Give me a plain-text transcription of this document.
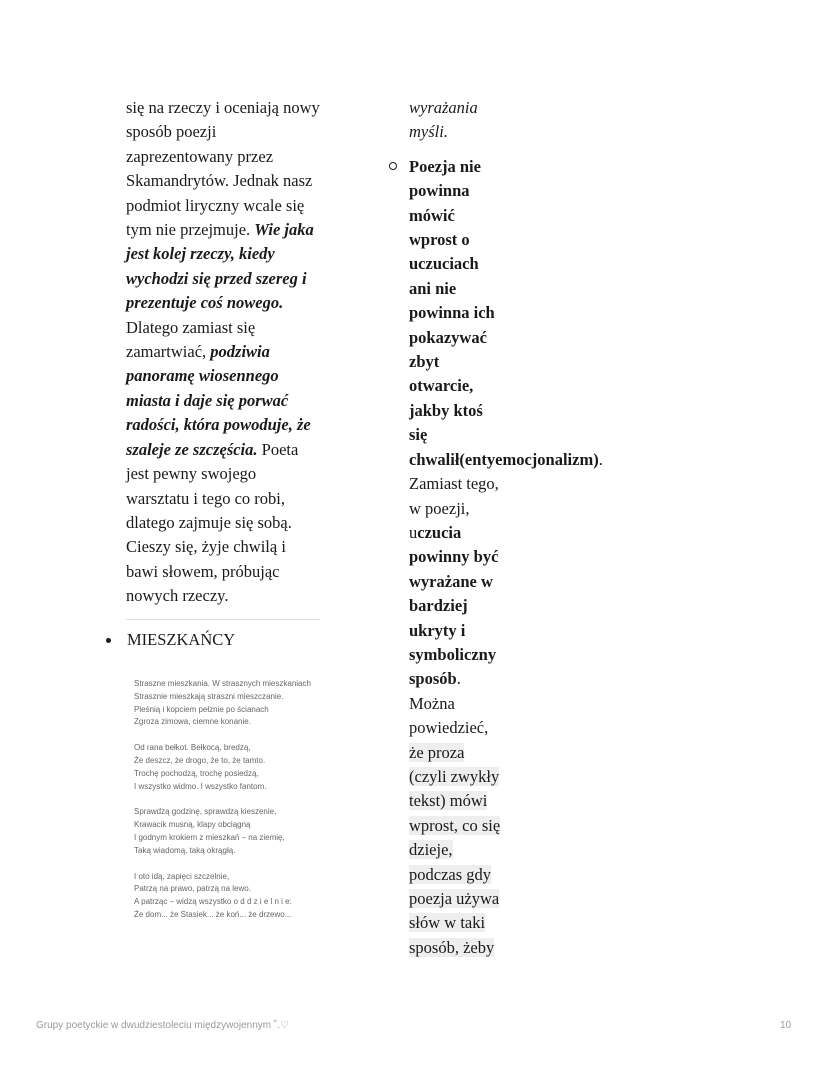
się na rzeczy i oceniają nowy sposób poezji zaprezentowany przez Skamandrytów. Jednak nasz podmiot liryczny wcale się tym nie przejmuje. Wie jaka jest kolej rzeczy, kiedy wychodzi się przed szereg i prezentuje coś nowego. Dlatego zamiast się zamartwiać, podziwia panoramę wiosennego miasta i daje się porwać radości, która powoduje, że szaleje ze szczęścia. Poeta jest pewny swojego warsztatu i tego co robi, dlatego zajmuje się sobą. Cieszy się, żyje chwilą i bawi słowem, próbując nowych rzeczy.

MIESZKAŃCY
Straszne mieszkania. W strasznych mieszkaniach
Strasznie mieszkają straszni mieszczanie.
Pleśnią i kopciem pełznie po ścianach
Zgroza zimowa, ciemne konanie.
Od rana bełkot. Bełkocą, bredzą,
Że deszcz, że drogo, że to, że tamto.
Trochę pochodzą, trochę posiedzą,
I wszystko widmo. I wszystko fantom.
Sprawdzą godzinę, sprawdzą kieszenie,
Krawacik musną, klapy obciągną
I godnym krokiem z mieszkań – na ziemię,
Taką wiadomą, taką okrągłą.
I oto idą, zapięci szczelnie,
Patrzą na prawo, patrzą na lewo.
A patrząc – widzą wszystko o d d z i e l n i e:
Że dom... że Stasiek... że koń... że drzewo...
wyrażania
myśli.
Poezja nie
powinna
mówić
wprost o
uczuciach
ani nie
powinna ich
pokazywać
zbyt
otwarcie,
jakby ktoś
się
chwalił(entyemocjonalizm).
Zamiast tego,
w poezji,
uczucia
powinny być
wyrażane w
bardziej
ukryty i
symboliczny
sposób.
Można
powiedzieć,
że proza
(czyli zwykły
tekst) mówi
wprost, co się
dzieje,
podczas gdy
poezja używa
słów w taki
sposób, żeby
Grupy poetyckie w dwudziestoleciu międzywojennym ˚.♡	10
